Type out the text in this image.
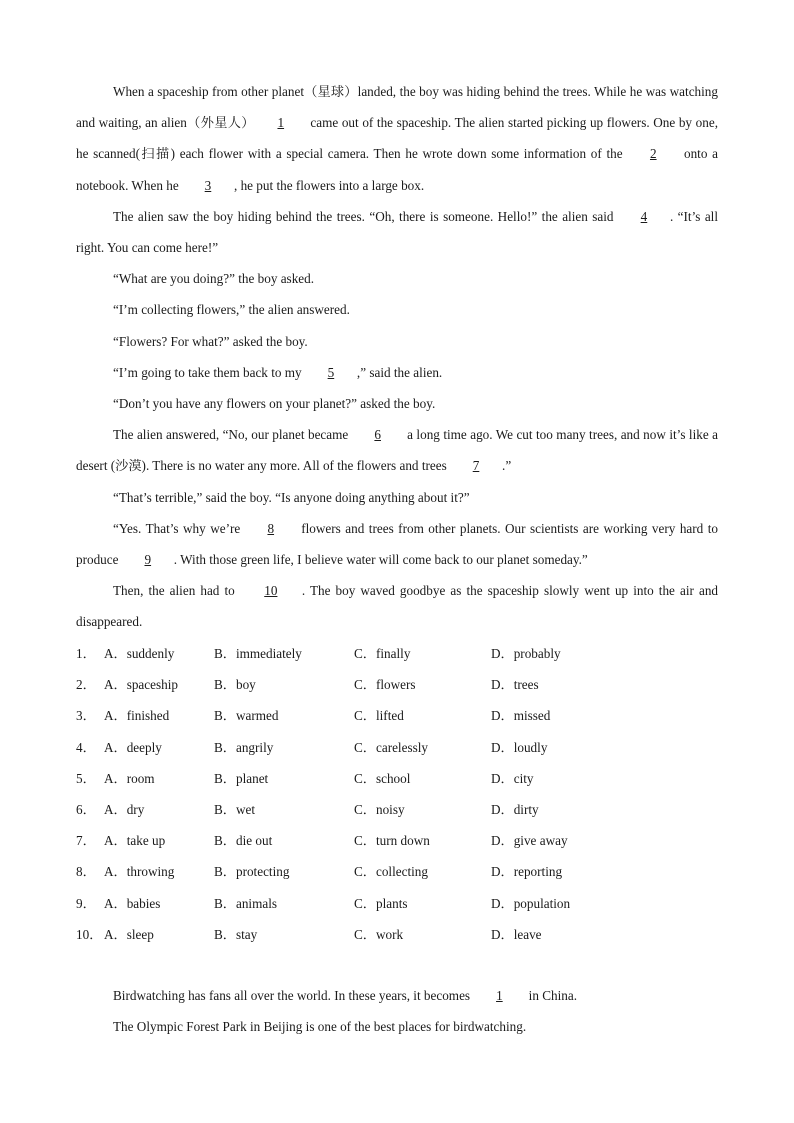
When a spaceship from other planet（星球）landed, the boy was hiding behind the trees. While he was watching and waiting, an alien（外星人） 1 came out of the spaceship. The alien started picking up flowers. One by one, he scanned(扫描) each flower with a special camera. Then he wrote down some information of the 2 onto a notebook. When he 3 , he put the flowers into a large box.

The alien saw the boy hiding behind the trees. “Oh, there is someone. Hello!” the alien said 4 . “It’s all right. You can come here!”

“What are you doing?” the boy asked.

“I’m collecting flowers,” the alien answered.

“Flowers? For what?” asked the boy.

“I’m going to take them back to my 5 ,” said the alien.

“Don’t you have any flowers on your planet?” asked the boy.

The alien answered, “No, our planet became 6 a long time ago. We cut too many trees, and now it’s like a desert (沙漠). There is no water any more. All of the flowers and trees 7 .”

“That’s terrible,” said the boy. “Is anyone doing anything about it?”

“Yes. That’s why we’re 8 flowers and trees from other planets. Our scientists are working very hard to produce 9 . With those green life, I believe water will come back to our planet someday.”

Then, the alien had to 10 . The boy waved goodbye as the spaceship slowly went up into the air and disappeared.

1． A．suddenly	B．immediately	C．finally	D．probably
2． A．spaceship	B．boy	C．flowers	D．trees
3． A．finished	B．warmed	C．lifted	D．missed
4． A．deeply	B．angrily	C．carelessly	D．loudly
5． A．room	B．planet	C．school	D．city
6． A．dry	B．wet	C．noisy	D．dirty
7． A．take up	B．die out	C．turn down	D．give away
8． A．throwing	B．protecting	C．collecting	D．reporting
9． A．babies	B．animals	C．plants	D．population
10． A．sleep	B．stay	C．work	D．leave

Birdwatching has fans all over the world. In these years, it becomes 1 in China.

The Olympic Forest Park in Beijing is one of the best places for birdwatching.
